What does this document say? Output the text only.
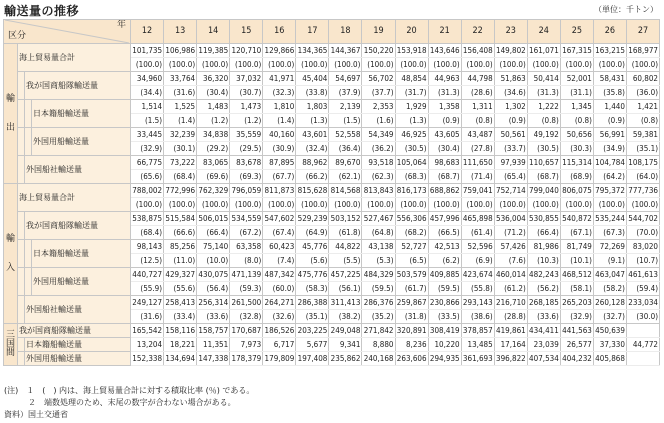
輸送量の推移	（単位：千トン）
年
区分				12	13	14	15	16	17	18	19	20	21	22	23	24	25	26	27
輸出	海上貿易量合計			101,735	106,986	119,385	120,710	129,866	134,365	144,367	150,220	153,918	143,646	156,408	149,802	161,071	167,315	163,215	168,977
				(100.0)	(100.0)	(100.0)	(100.0)	(100.0)	(100.0)	(100.0)	(100.0)	(100.0)	(100.0)	(100.0)	(100.0)	(100.0)	(100.0)	(100.0)	(100.0)
		我が国商船隊輸送量		34,960	33,764	36,320	37,032	41,971	45,404	54,697	56,702	48,854	44,963	44,798	51,863	50,414	52,001	58,431	60,802
				(34.4)	(31.6)	(30.4)	(30.7)	(32.3)	(33.8)	(37.9)	(37.7)	(31.7)	(31.3)	(28.6)	(34.6)	(31.3)	(31.1)	(35.8)	(36.0)
			日本籍船輸送量	1,514	1,525	1,483	1,473	1,810	1,803	2,139	2,353	1,929	1,358	1,311	1,302	1,222	1,345	1,440	1,421
				(1.5)	(1.4)	(1.2)	(1.2)	(1.4)	(1.3)	(1.5)	(1.6)	(1.3)	(0.9)	(0.8)	(0.9)	(0.8)	(0.8)	(0.9)	(0.8)
			外国用船輸送量	33,445	32,239	34,838	35,559	40,160	43,601	52,558	54,349	46,925	43,605	43,487	50,561	49,192	50,656	56,991	59,381
				(32.9)	(30.1)	(29.2)	(29.5)	(30.9)	(32.4)	(36.4)	(36.2)	(30.5)	(30.4)	(27.8)	(33.7)	(30.5)	(30.3)	(34.9)	(35.1)
		外国船社輸送量		66,775	73,222	83,065	83,678	87,895	88,962	89,670	93,518	105,064	98,683	111,650	97,939	110,657	115,314	104,784	108,175
				(65.6)	(68.4)	(69.6)	(69.3)	(67.7)	(66.2)	(62.1)	(62.3)	(68.3)	(68.7)	(71.4)	(65.4)	(68.7)	(68.9)	(64.2)	(64.0)
輸入	海上貿易量合計			788,002	772,996	762,329	796,059	811,873	815,628	814,568	813,843	816,173	688,862	759,041	752,714	799,040	806,075	795,372	777,736
				(100.0)	(100.0)	(100.0)	(100.0)	(100.0)	(100.0)	(100.0)	(100.0)	(100.0)	(100.0)	(100.0)	(100.0)	(100.0)	(100.0)	(100.0)	(100.0)
		我が国商船隊輸送量		538,875	515,584	506,015	534,559	547,602	529,239	503,152	527,467	556,306	457,996	465,898	536,004	530,855	540,872	535,244	544,702
				(68.4)	(66.6)	(66.4)	(67.2)	(67.4)	(64.9)	(61.8)	(64.8)	(68.2)	(66.5)	(61.4)	(71.2)	(66.4)	(67.1)	(67.3)	(70.0)
			日本籍船輸送量	98,143	85,256	75,140	63,358	60,423	45,776	44,822	43,138	52,727	42,513	52,596	57,426	81,986	81,749	72,269	83,020
				(12.5)	(11.0)	(10.0)	(8.0)	(7.4)	(5.6)	(5.5)	(5.3)	(6.5)	(6.2)	(6.9)	(7.6)	(10.3)	(10.1)	(9.1)	(10.7)
			外国用船輸送量	440,727	429,327	430,075	471,139	487,342	475,776	457,225	484,329	503,579	409,885	423,674	460,014	482,243	468,512	463,047	461,613
				(55.9)	(55.6)	(56.4)	(59.3)	(60.0)	(58.3)	(56.1)	(59.5)	(61.7)	(59.5)	(55.8)	(61.2)	(56.2)	(58.1)	(58.2)	(59.4)
		外国船社輸送量		249,127	258,413	256,314	261,500	264,271	286,388	311,413	286,376	259,867	230,866	293,143	216,710	268,185	265,203	260,128	233,034
				(31.6)	(33.4)	(33.6)	(32.8)	(32.6)	(35.1)	(38.2)	(35.2)	(31.8)	(33.5)	(38.6)	(28.8)	(33.6)	(32.9)	(32.7)	(30.0)
三国間	我が国商船隊輸送量			165,542	158,116	158,757	170,687	186,526	203,225	249,048	271,842	320,891	308,419	378,857	419,861	434,411	441,563	450,639	
		日本籍船輸送量		13,204	18,221	11,351	7,973	6,717	5,677	9,341	8,880	8,236	10,220	13,485	17,164	23,039	26,577	37,330	44,772
		外国用船輸送量		152,338	134,694	147,338	178,379	179,809	197,408	235,862	240,168	263,606	294,935	361,693	396,822	407,534	404,232	405,868	
(注)　１　(　) 内は、海上貿易量合計に対する積取比率 (％) である。
　　　２　端数処理のため、末尾の数字が合わない場合がある。
資料）国土交通省
